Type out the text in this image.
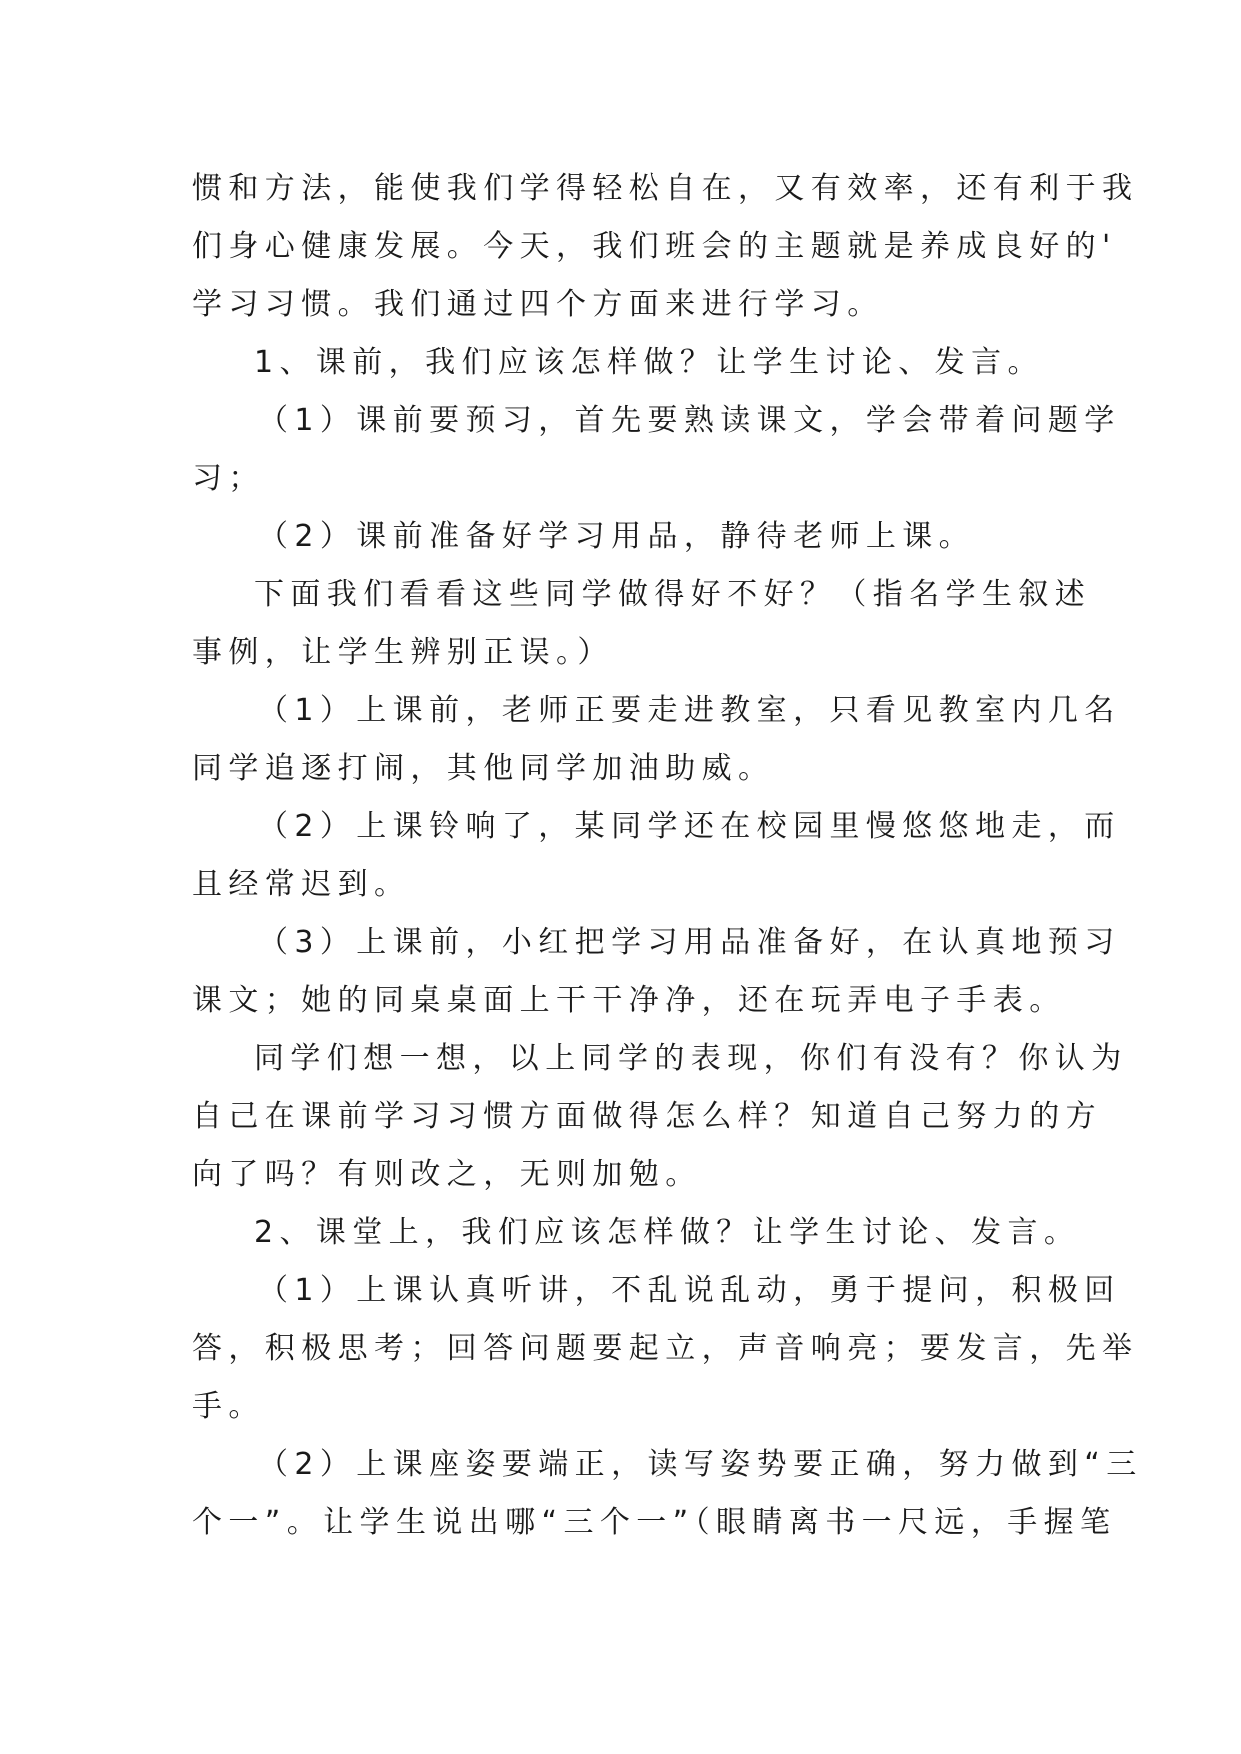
惯和方法，能使我们学得轻松自在，又有效率，还有利于我
们身心健康发展。今天，我们班会的主题就是养成良好的'
学习习惯。我们通过四个方面来进行学习。
1、课前，我们应该怎样做？让学生讨论、发言。
（1）课前要预习，首先要熟读课文，学会带着问题学
习；
（2）课前准备好学习用品，静待老师上课。
下面我们看看这些同学做得好不好？（指名学生叙述
事例，让学生辨别正误。）
（1）上课前，老师正要走进教室，只看见教室内几名
同学追逐打闹，其他同学加油助威。
（2）上课铃响了，某同学还在校园里慢悠悠地走，而
且经常迟到。
（3）上课前，小红把学习用品准备好，在认真地预习
课文；她的同桌桌面上干干净净，还在玩弄电子手表。
同学们想一想，以上同学的表现，你们有没有？你认为
自己在课前学习习惯方面做得怎么样？知道自己努力的方
向了吗？有则改之，无则加勉。
2、课堂上，我们应该怎样做？让学生讨论、发言。
（1）上课认真听讲，不乱说乱动，勇于提问，积极回
答，积极思考；回答问题要起立，声音响亮；要发言，先举
手。
（2）上课座姿要端正，读写姿势要正确，努力做到“三
个一”。让学生说出哪“三个一”（眼睛离书一尺远，手握笔
